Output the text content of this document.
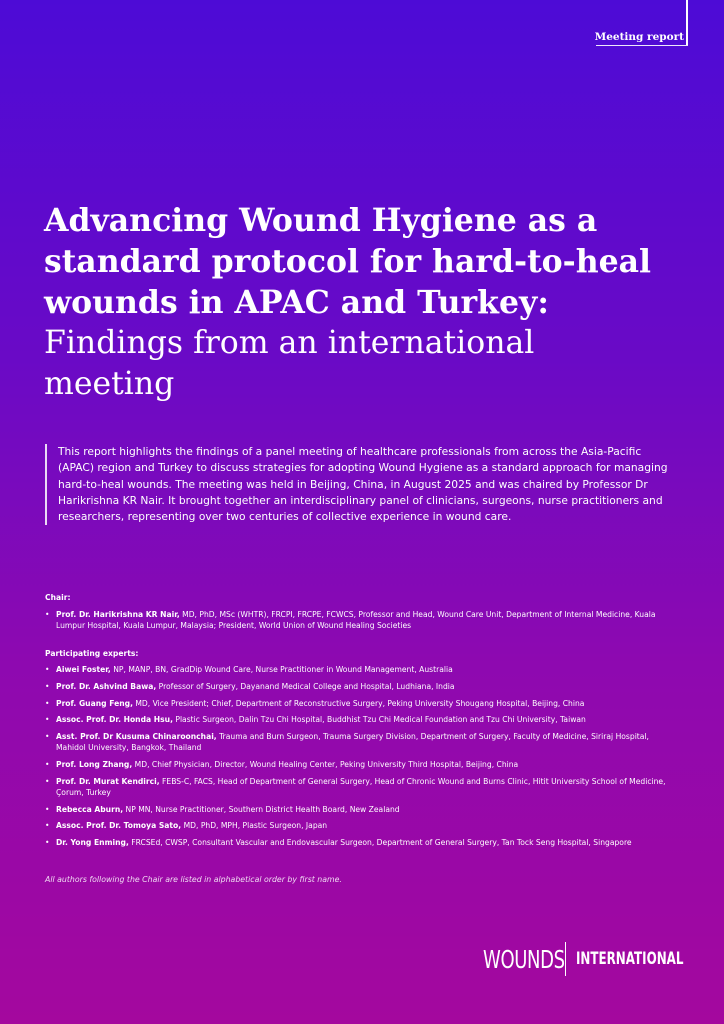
Meeting report
Advancing Wound Hygiene as a standard protocol for hard-to-heal wounds in APAC and Turkey:
Findings from an international meeting

This report highlights the findings of a panel meeting of healthcare professionals from across the Asia-Pacific (APAC) region and Turkey to discuss strategies for adopting Wound Hygiene as a standard approach for managing hard-to-heal wounds. The meeting was held in Beijing, China, in August 2025 and was chaired by Professor Dr Harikrishna KR Nair. It brought together an interdisciplinary panel of clinicians, surgeons, nurse practitioners and researchers, representing over two centuries of collective experience in wound care.

Chair:
• Prof. Dr. Harikrishna KR Nair, MD, PhD, MSc (WHTR), FRCPI, FRCPE, FCWCS, Professor and Head, Wound Care Unit, Department of Internal Medicine, Kuala Lumpur Hospital, Kuala Lumpur, Malaysia; President, World Union of Wound Healing Societies
Participating experts:
• Aiwei Foster, NP, MANP, BN, GradDip Wound Care, Nurse Practitioner in Wound Management, Australia
• Prof. Dr. Ashvind Bawa, Professor of Surgery, Dayanand Medical College and Hospital, Ludhiana, India
• Prof. Guang Feng, MD, Vice President; Chief, Department of Reconstructive Surgery, Peking University Shougang Hospital, Beijing, China
• Assoc. Prof. Dr. Honda Hsu, Plastic Surgeon, Dalin Tzu Chi Hospital, Buddhist Tzu Chi Medical Foundation and Tzu Chi University, Taiwan
• Asst. Prof. Dr Kusuma Chinaroonchai, Trauma and Burn Surgeon, Trauma Surgery Division, Department of Surgery, Faculty of Medicine, Siriraj Hospital, Mahidol University, Bangkok, Thailand
• Prof. Long Zhang, MD, Chief Physician, Director, Wound Healing Center, Peking University Third Hospital, Beijing, China
• Prof. Dr. Murat Kendirci, FEBS-C, FACS, Head of Department of General Surgery, Head of Chronic Wound and Burns Clinic, Hitit University School of Medicine, Çorum, Turkey
• Rebecca Aburn, NP MN, Nurse Practitioner, Southern District Health Board, New Zealand
• Assoc. Prof. Dr. Tomoya Sato, MD, PhD, MPH, Plastic Surgeon, Japan
• Dr. Yong Enming, FRCSEd, CWSP, Consultant Vascular and Endovascular Surgeon, Department of General Surgery, Tan Tock Seng Hospital, Singapore
All authors following the Chair are listed in alphabetical order by first name.
WOUNDS INTERNATIONAL
